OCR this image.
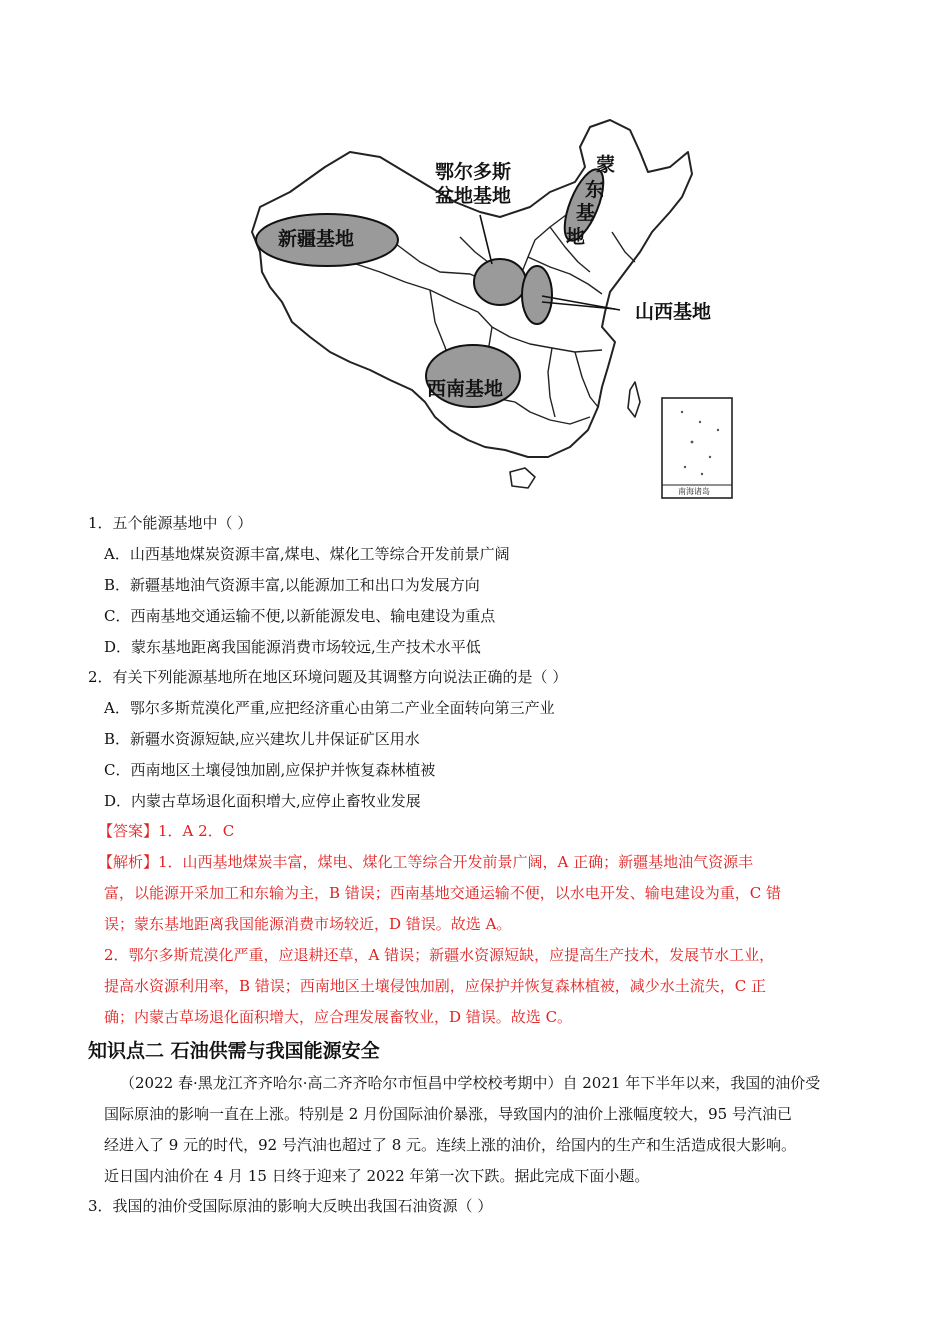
新疆基地
鄂尔多斯
盆地基地
蒙
东
基
地
山西基地
西南基地
南海诸岛
1．五个能源基地中（ ）
A．山西基地煤炭资源丰富,煤电、煤化工等综合开发前景广阔
B．新疆基地油气资源丰富,以能源加工和出口为发展方向
C．西南基地交通运输不便,以新能源发电、输电建设为重点
D．蒙东基地距离我国能源消费市场较远,生产技术水平低
2．有关下列能源基地所在地区环境问题及其调整方向说法正确的是（ ）
A．鄂尔多斯荒漠化严重,应把经济重心由第二产业全面转向第三产业
B．新疆水资源短缺,应兴建坎儿井保证矿区用水
C．西南地区土壤侵蚀加剧,应保护并恢复森林植被
D．内蒙古草场退化面积增大,应停止畜牧业发展
【答案】1．A 2．C
【解析】1．山西基地煤炭丰富，煤电、煤化工等综合开发前景广阔，A 正确；新疆基地油气资源丰
富，以能源开采加工和东输为主，B 错误；西南基地交通运输不便，以水电开发、输电建设为重，C 错
误；蒙东基地距离我国能源消费市场较近，D 错误。故选 A。
2．鄂尔多斯荒漠化严重，应退耕还草，A 错误；新疆水资源短缺，应提高生产技术，发展节水工业，
提高水资源利用率，B 错误；西南地区土壤侵蚀加剧，应保护并恢复森林植被，减少水土流失，C 正
确；内蒙古草场退化面积增大，应合理发展畜牧业，D 错误。故选 C。
知识点二 石油供需与我国能源安全
（2022 春·黑龙江齐齐哈尔·高二齐齐哈尔市恒昌中学校校考期中）自 2021 年下半年以来，我国的油价受
国际原油的影响一直在上涨。特别是 2 月份国际油价暴涨，导致国内的油价上涨幅度较大，95 号汽油已
经进入了 9 元的时代，92 号汽油也超过了 8 元。连续上涨的油价，给国内的生产和生活造成很大影响。
近日国内油价在 4 月 15 日终于迎来了 2022 年第一次下跌。据此完成下面小题。
3．我国的油价受国际原油的影响大反映出我国石油资源（ ）
